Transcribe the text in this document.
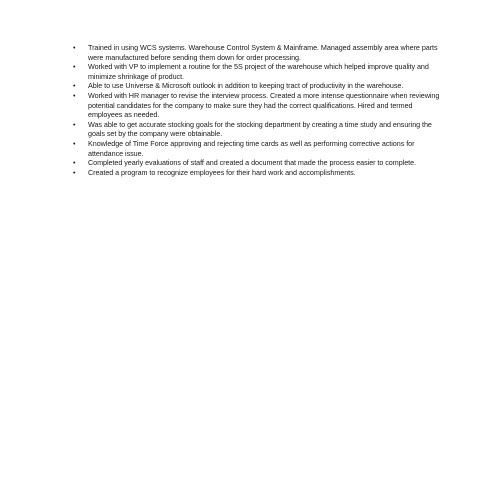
• Trained in using WCS systems. Warehouse Control System & Mainframe. Managed assembly area where parts were manufactured before sending them down for order processing.
• Worked with VP to implement a routine for the 5S project of the warehouse which helped improve quality and minimize shrinkage of product.
• Able to use Universe & Microsoft outlook in addition to keeping tract of productivity in the warehouse.
• Worked with HR manager to revise the interview process. Created a more intense questionnaire when reviewing potential candidates for the company to make sure they had the correct qualifications. Hired and termed employees as needed.
• Was able to get accurate stocking goals for the stocking department by creating a time study and ensuring the goals set by the company were obtainable.
• Knowledge of Time Force approving and rejecting time cards as well as performing corrective actions for attendance issue.
• Completed yearly evaluations of staff and created a document that made the process easier to complete.
• Created a program to recognize employees for their hard work and accomplishments.
